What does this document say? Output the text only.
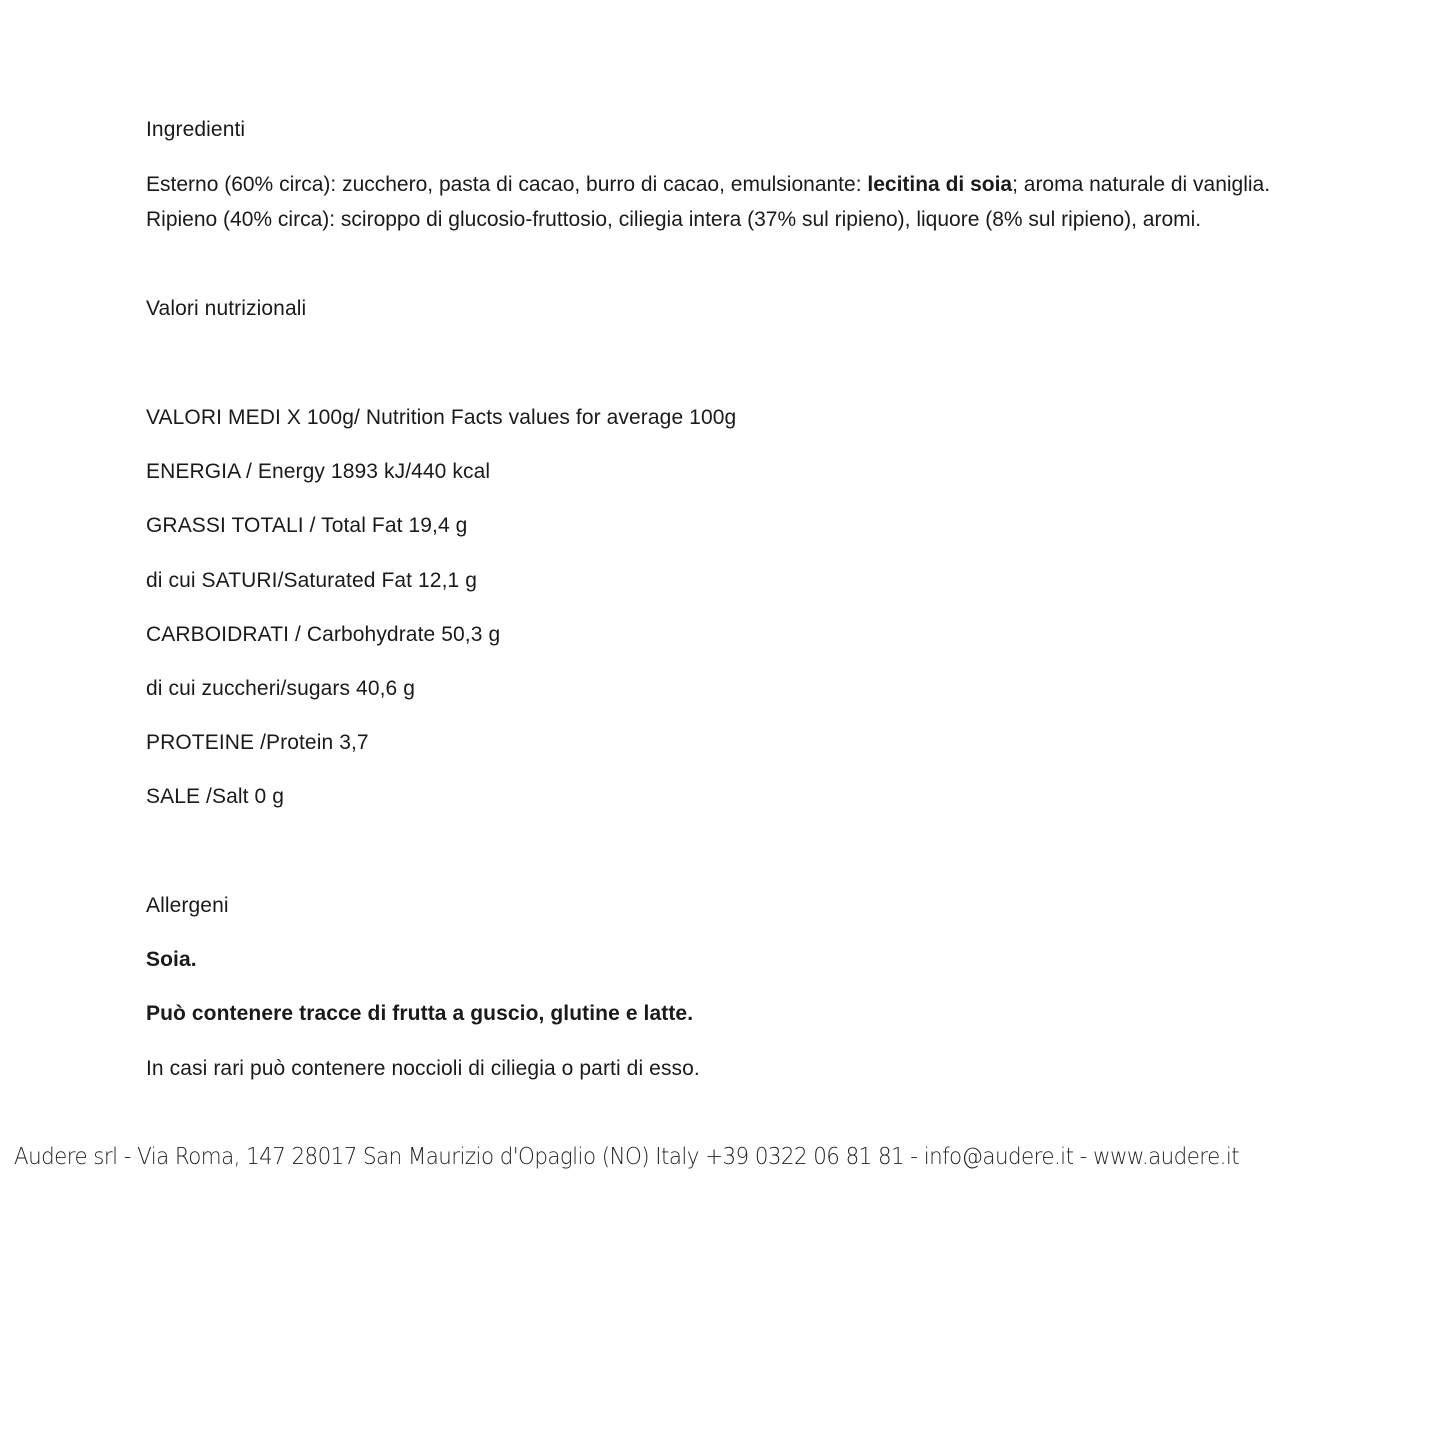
Ingredienti
Esterno (60% circa): zucchero, pasta di cacao, burro di cacao, emulsionante: lecitina di soia; aroma naturale di vaniglia. Ripieno (40% circa): sciroppo di glucosio-fruttosio, ciliegia intera (37% sul ripieno), liquore (8% sul ripieno), aromi.
Valori nutrizionali
VALORI MEDI X 100g/ Nutrition Facts values for average 100g
ENERGIA / Energy 1893 kJ/440 kcal
GRASSI TOTALI / Total Fat 19,4 g
di cui SATURI/Saturated Fat 12,1 g
CARBOIDRATI / Carbohydrate 50,3 g
di cui zuccheri/sugars 40,6 g
PROTEINE /Protein 3,7
SALE /Salt 0 g
Allergeni
Soia.
Può contenere tracce di frutta a guscio, glutine e latte.
In casi rari può contenere noccioli di ciliegia o parti di esso.
Audere srl - Via Roma, 147 28017 San Maurizio d'Opaglio (NO) Italy +39 0322 06 81 81 - info@audere.it - www.audere.it
